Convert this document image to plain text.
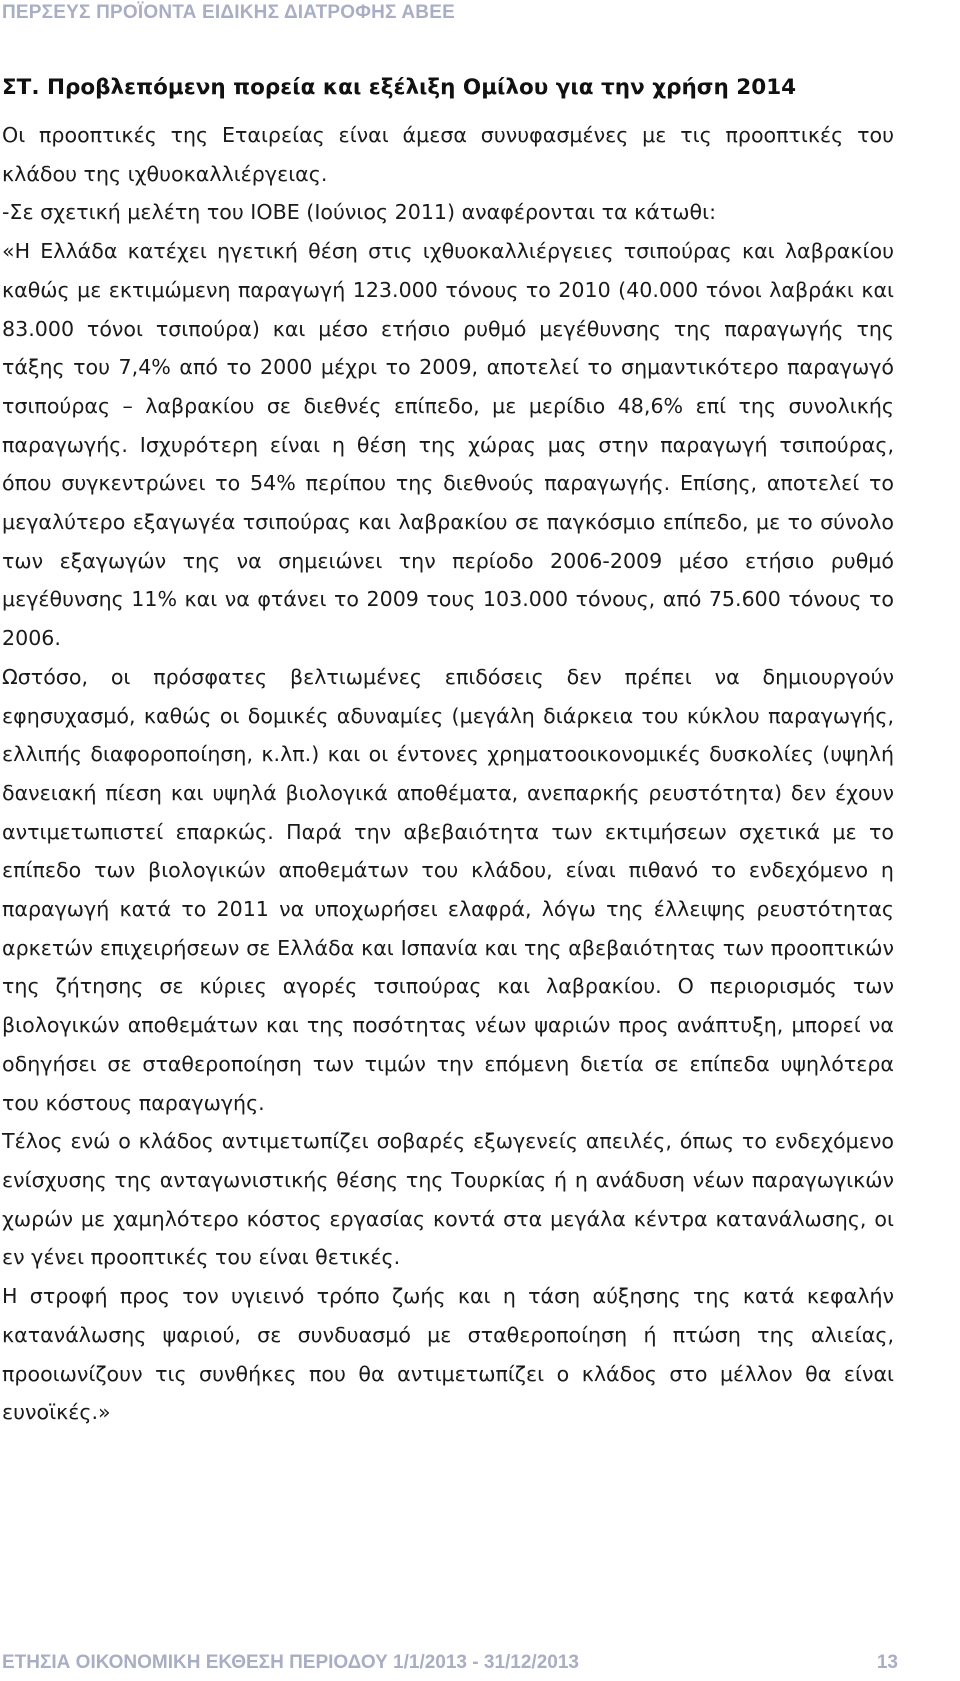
ΠΕΡΣΕΥΣ ΠΡΟΪΟΝΤΑ ΕΙΔΙΚΗΣ ΔΙΑΤΡΟΦΗΣ ΑΒΕΕ
ΣΤ. Προβλεπόμενη πορεία και εξέλιξη Ομίλου για την χρήση 2014

Οι προοπτικές της Εταιρείας είναι άμεσα συνυφασμένες με τις προοπτικές του κλάδου της ιχθυοκαλλιέργειας.

-Σε σχετική μελέτη του ΙΟΒΕ (Ιούνιος 2011) αναφέρονται τα κάτωθι:

«Η Ελλάδα κατέχει ηγετική θέση στις ιχθυοκαλλιέργειες τσιπούρας και λαβρακίου καθώς με εκτιμώμενη παραγωγή 123.000 τόνους το 2010 (40.000 τόνοι λαβράκι και 83.000 τόνοι τσιπούρα) και μέσο ετήσιο ρυθμό μεγέθυνσης της παραγωγής της τάξης του 7,4% από το 2000 μέχρι το 2009, αποτελεί το σημαντικότερο παραγωγό τσιπούρας – λαβρακίου σε διεθνές επίπεδο, με μερίδιο 48,6% επί της συνολικής παραγωγής. Ισχυρότερη είναι η θέση της χώρας μας στην παραγωγή τσιπούρας, όπου συγκεντρώνει το 54% περίπου της διεθνούς παραγωγής. Επίσης, αποτελεί το μεγαλύτερο εξαγωγέα τσιπούρας και λαβρακίου σε παγκόσμιο επίπεδο, με το σύνολο των εξαγωγών της να σημειώνει την περίοδο 2006-2009 μέσο ετήσιο ρυθμό μεγέθυνσης 11% και να φτάνει το 2009 τους 103.000 τόνους, από 75.600 τόνους το 2006.

Ωστόσο, οι πρόσφατες βελτιωμένες επιδόσεις δεν πρέπει να δημιουργούν εφησυχασμό, καθώς οι δομικές αδυναμίες (μεγάλη διάρκεια του κύκλου παραγωγής, ελλιπής διαφοροποίηση, κ.λπ.) και οι έντονες χρηματοοικονομικές δυσκολίες (υψηλή δανειακή πίεση και υψηλά βιολογικά αποθέματα, ανεπαρκής ρευστότητα) δεν έχουν αντιμετωπιστεί επαρκώς. Παρά την αβεβαιότητα των εκτιμήσεων σχετικά με το επίπεδο των βιολογικών αποθεμάτων του κλάδου, είναι πιθανό το ενδεχόμενο η παραγωγή κατά το 2011 να υποχωρήσει ελαφρά, λόγω της έλλειψης ρευστότητας αρκετών επιχειρήσεων σε Ελλάδα και Ισπανία και της αβεβαιότητας των προοπτικών της ζήτησης σε κύριες αγορές τσιπούρας και λαβρακίου. Ο περιορισμός των βιολογικών αποθεμάτων και της ποσότητας νέων ψαριών προς ανάπτυξη, μπορεί να οδηγήσει σε σταθεροποίηση των τιμών την επόμενη διετία σε επίπεδα υψηλότερα του κόστους παραγωγής.

Τέλος ενώ ο κλάδος αντιμετωπίζει σοβαρές εξωγενείς απειλές, όπως το ενδεχόμενο ενίσχυσης της ανταγωνιστικής θέσης της Τουρκίας ή η ανάδυση νέων παραγωγικών χωρών με χαμηλότερο κόστος εργασίας κοντά στα μεγάλα κέντρα κατανάλωσης, οι εν γένει προοπτικές του είναι θετικές.

Η στροφή προς τον υγιεινό τρόπο ζωής και η τάση αύξησης της κατά κεφαλήν κατανάλωσης ψαριού, σε συνδυασμό με σταθεροποίηση ή πτώση της αλιείας, προοιωνίζουν τις συνθήκες που θα αντιμετωπίζει ο κλάδος στο μέλλον θα είναι ευνοϊκές.»

ΕΤΗΣΙΑ ΟΙΚΟΝΟΜΙΚΗ ΕΚΘΕΣΗ ΠΕΡΙΟΔΟΥ 1/1/2013 - 31/12/2013	13
